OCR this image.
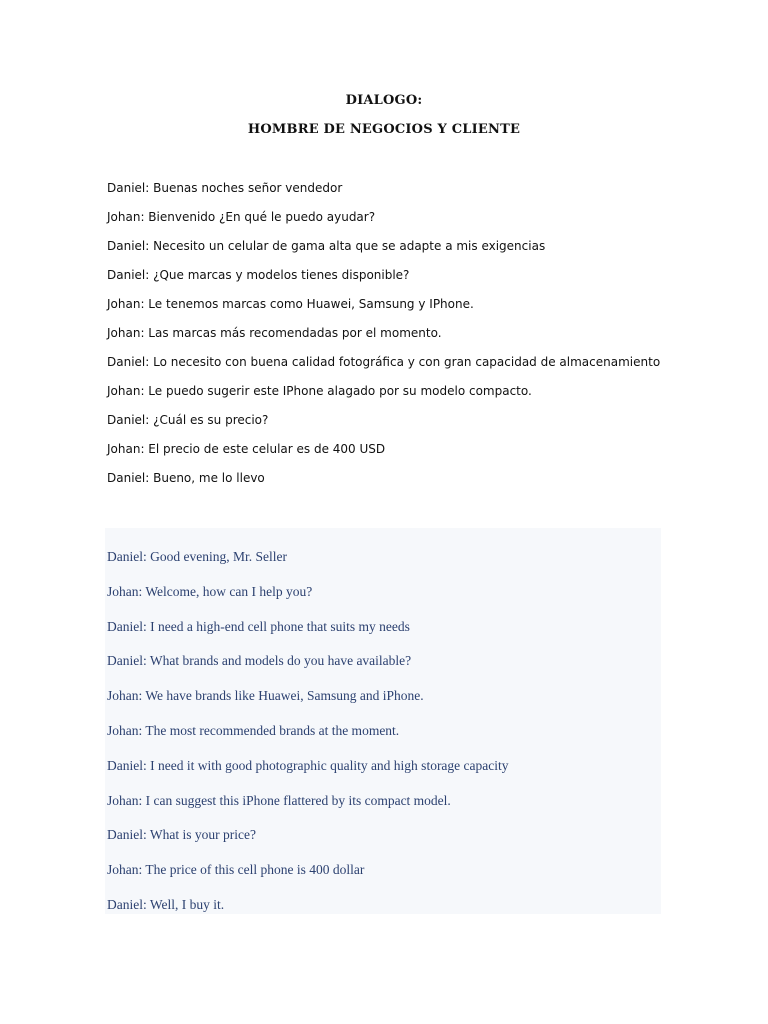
DIALOGO:
HOMBRE DE NEGOCIOS Y CLIENTE
Daniel: Buenas noches señor vendedor
Johan: Bienvenido ¿En qué le puedo ayudar?
Daniel: Necesito un celular de gama alta que se adapte a mis exigencias
Daniel: ¿Que marcas y modelos tienes disponible?
Johan: Le tenemos marcas como Huawei, Samsung y IPhone.
Johan: Las marcas más recomendadas por el momento.
Daniel: Lo necesito con buena calidad fotográfica y con gran capacidad de almacenamiento
Johan: Le puedo sugerir este IPhone alagado por su modelo compacto.
Daniel: ¿Cuál es su precio?
Johan: El precio de este celular es de 400 USD
Daniel: Bueno, me lo llevo
Daniel: Good evening, Mr. Seller
Johan: Welcome, how can I help you?
Daniel: I need a high-end cell phone that suits my needs
Daniel: What brands and models do you have available?
Johan: We have brands like Huawei, Samsung and iPhone.
Johan: The most recommended brands at the moment.
Daniel: I need it with good photographic quality and high storage capacity
Johan: I can suggest this iPhone flattered by its compact model.
Daniel: What is your price?
Johan: The price of this cell phone is 400 dollar
Daniel: Well, I buy it.
